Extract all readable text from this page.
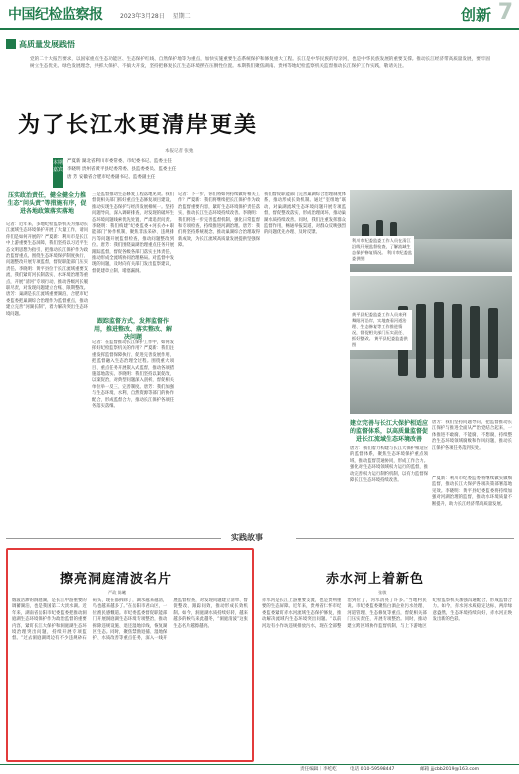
中国纪检监察报	2023年3月28日 星期二	创新 7
高质量发展践悟
党的二十大报告要求，以国家重点生态功能区、生态保护红线、自然保护地等为重点，加快实施重要生态系统保护和修复重大工程。长江是中华民族的母亲河，也是中华民族发展的重要支撑。推动长江经济带高质量发展，要牢固树立生态优先、绿色发展理念，共抓大保护、不搞大开发，坚持把修复长江生态环境摆在压倒性位置。本期我们聚焦湖南、贵州等地纪检监察机关监督推动长江保护工作实践，敬请关注。
为了长江水更清岸更美
本报记者 张弛
本期嘉宾
严夏新 湖北省利川市委常委、市纪委书记、监委主任
李晓明 贵州省黄平县纪委常委、县监委委员、监委主任
唐 芳 安徽省合肥市纪委副书记、监委副主任
压实政治责任，健全健全力推生态“问头责”等措施有序，促进各地政策落实落地
记者：近年来，多地纪检监察机关为推动长江流域生态环境保护开展了大量工作，请问你们是如何开展的？严夏新：利川市是长江中上游重要生态屏障，我们坚持以习近平生态文明思想为指引，把推动长江保护作为政治监督重点。围绕生态环境保护制度执行、问题整改开展专项监督，督促职能部门压实责任。李晓明：黄平县位于长江流域重要支流，我们紧盯河长制落实、水环境治理等重点，开展“清河”专项行动，推动各级河长履职尽责，对发现问题建立台账、限期整改。唐芳：巢湖是长江流域重要湖泊，合肥市纪委监委把巢湖综合治理作为监督重点，推动建立完善“河湖长制”，着力解决突出生态环境问题。
三是监督推动生态修复工程落地见效。我们督促相关部门抓好重点生态修复项目建设，推动实现生态保护与经济发展相统一。坚持问题导向，深入调研排查，对发现的破坏生态环境问题线索优先处置，严肃追责问责。李晓明：我们构建“纪委监委+河长办+职能部门”协作机制，聚焦非法采砂、违规排污等问题开展监督检查，推动问题整改到位。唐芳：我们围绕巢湖治理重点任务开展跟踪监督，督促各级各部门落实主体责任，推动形成全流域协同治理格局。对监督中发现的问题，及时向有关部门发出监察建议，督促建章立制、堵塞漏洞。
跟踪监督方式，发挥监督作用，推进整改、落实整改、解决问题
记者：在监督推动长江保护工作中，如何发挥好纪检监察机关的作用？严夏新：我们注重发挥监督保障执行、促进完善发展作用，把监督融入生态治理全过程。围绕重大项目、重点任务开展嵌入式监督，推动各项措施落地落实。李晓明：我们坚持以案促改、以案促治，对典型问题深入剖析，督促相关单位举一反三、完善制度。唐芳：我们加强与生态环境、水利、自然资源等部门的协作配合，形成监督合力，推动长江保护各项任务落实落细。
记者：下一步，你们将如何持续做好相关工作？严夏新：我们将继续把长江保护作为政治监督重要内容，紧盯生态环境保护责任落实，推动长江生态环境持续改善。李晓明：我们将进一步完善监督机制，强化日常监督和专项检查，持续推进河湖治理。唐芳：我们将坚持系统观念，推动巢湖综合治理取得新成效，为长江流域高质量发展提供坚强保障。
我们督促职能部门完善巢湖综合治理制度体系，推动形成长效机制。通过“室组地”联动，对巢湖流域生态环境问题开展专项监督，督促整改落实，形成治理闭环，推动巢湖水质持续改善。同时，我们注重发挥群众监督作用，畅通举报渠道，对群众反映强烈的问题优先办理、及时反馈。
利川市纪委监委工作人员在清江沿线开展监督检查，了解流域生态保护修复情况。 利川市纪委监委供图
黄平县纪委监委工作人员来到舞阳河沿岸，实地查看河道治理、生态修复等工作推进情况，督促相关部门压实责任、抓好整改。 黄平县纪委监委供图
建立完善与长江大保护相适应的监督体系，以高质量监督促进长江流域生态环境改善
唐芳：我们着力构建与长江大保护相适应的监督体系，聚焦生态环境保护重点领域，推动监督贯通协同，形成工作合力。强化对生态环境领域权力运行的监督，推动完善权力运行制约机制，以有力监督保障长江生态环境持续改善。
唐芳：我们坚持问题导向，把监督推动长江保护与推进全面从严治党结合起来，一体推进不敢腐、不能腐、不想腐，持续整治生态环境领域腐败和作风问题，推动长江保护各项任务落到实处。
严夏新：利川市纪委监委将继续做实做细监督，推动长江大保护各项决策部署落地见效。李晓明：黄平县纪委监委将持续加强对河湖治理的监督，推动水环境质量不断提升，助力长江经济带高质量发展。
实践故事
擦亮洞庭清波名片
严政 陈曦
烟波浩渺的洞庭湖，是长江中游重要的调蓄湖泊，也是我国第二大淡水湖。近年来，湖南省岳阳市纪委监委把推动洞庭湖生态环境保护作为政治监督的重要内容，紧盯长江大保护和洞庭湖生态环境治理突出问题，持续开展专项监督。“过去洞庭湖周边有不少违规砂石码头，现在都拆除了，湖水越来越清，鸟也越来越多了。”在岳阳市君山区，一位渔民感慨道。市纪委监委督促职能部门开展洞庭湖生态环境专项整治，推动拆除违规设施、退还湿地岸线，恢复湖区生态。同时，聚焦禁渔退捕、湿地保护、水质改善等重点任务，深入一线开展监督检查，对发现问题建立清单、督促整改、跟踪问效，推动形成长效机制。如今，洞庭湖水质持续好转，越来越多的候鸟来此越冬，“洞庭清波”这张生态名片越擦越亮。
赤水河上着新色
张敏
赤水河是长江上游重要支流，也是贵州重要的生态屏障。近年来，贵州省仁怀市纪委监委紧盯赤水河流域生态保护修复，推动解决流域内生态环境突出问题。“以前河边有小作坊违规排放污水，现在全部整治到位了，河水清亮了许多。”当地村民说。市纪委监委聚焦白酒企业污水处理、河道管理、生态修复等重点，督促相关部门压实责任，开展专项整治。同时，推动建立跨区域协作监督机制，与上下游地区纪检监察机关加强沟通配合，形成监督合力。如今，赤水河水质稳定达标，两岸绿意盎然，生态环境持续向好，赤水河正焕发出新的色彩。
责任编辑｜李屹屹	电话 010-59598447	邮箱 jjjcbb2019@163.com
